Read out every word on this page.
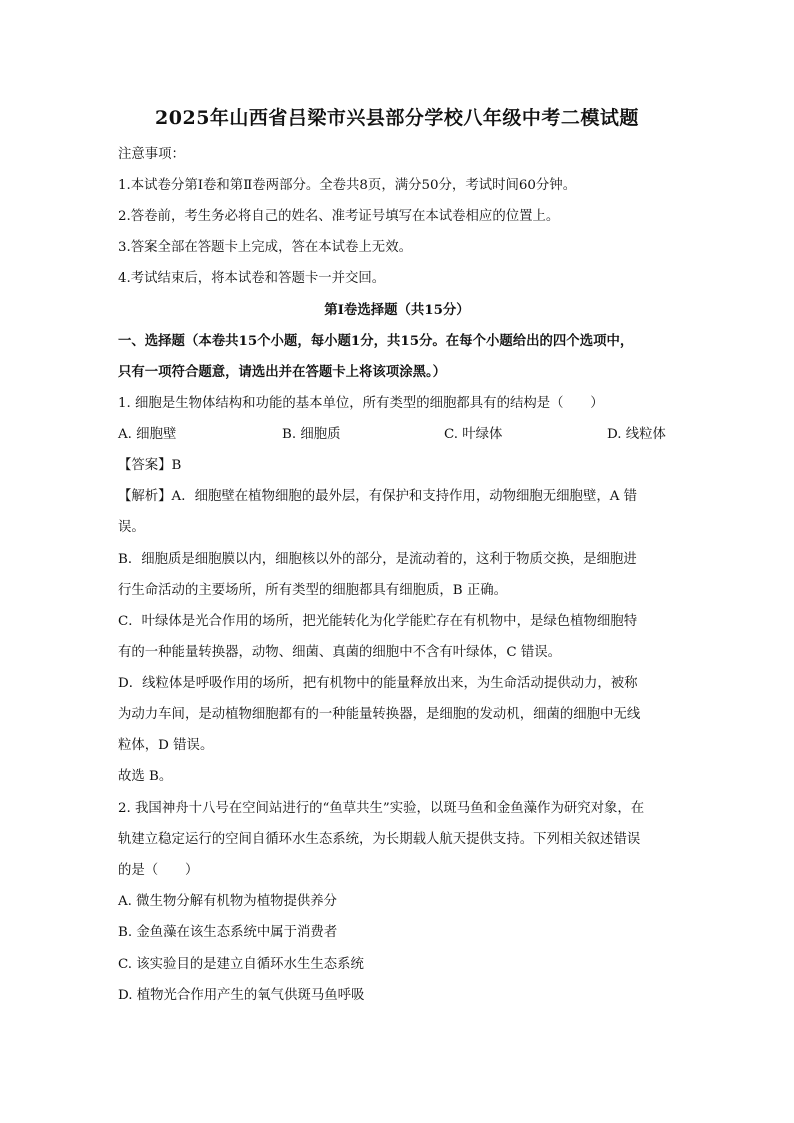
2025年山西省吕梁市兴县部分学校八年级中考二模试题
注意事项：
1.本试卷分第Ⅰ卷和第Ⅱ卷两部分。全卷共8页，满分50分，考试时间60分钟。
2.答卷前，考生务必将自己的姓名、准考证号填写在本试卷相应的位置上。
3.答案全部在答题卡上完成，答在本试卷上无效。
4.考试结束后，将本试卷和答题卡一并交回。
第Ⅰ卷选择题（共15分）
一、选择题（本卷共15个小题，每小题1分，共15分。在每个小题给出的四个选项中，
只有一项符合题意，请选出并在答题卡上将该项涂黑。）
1. 细胞是生物体结构和功能的基本单位，所有类型的细胞都具有的结构是（　　）
A. 细胞壁	B. 细胞质	C. 叶绿体	D. 线粒体
【答案】B
【解析】A．细胞壁在植物细胞的最外层，有保护和支持作用，动物细胞无细胞壁，A 错
误。
B．细胞质是细胞膜以内，细胞核以外的部分，是流动着的，这利于物质交换，是细胞进
行生命活动的主要场所，所有类型的细胞都具有细胞质，B 正确。
C．叶绿体是光合作用的场所，把光能转化为化学能贮存在有机物中，是绿色植物细胞特
有的一种能量转换器，动物、细菌、真菌的细胞中不含有叶绿体，C 错误。
D．线粒体是呼吸作用的场所，把有机物中的能量释放出来，为生命活动提供动力，被称
为动力车间，是动植物细胞都有的一种能量转换器，是细胞的发动机，细菌的细胞中无线
粒体，D 错误。
故选 B。
2. 我国神舟十八号在空间站进行的“鱼草共生”实验，以斑马鱼和金鱼藻作为研究对象，在
轨建立稳定运行的空间自循环水生态系统，为长期载人航天提供支持。下列相关叙述错误
的是（　　）
A. 微生物分解有机物为植物提供养分
B. 金鱼藻在该生态系统中属于消费者
C. 该实验目的是建立自循环水生生态系统
D. 植物光合作用产生的氧气供斑马鱼呼吸
